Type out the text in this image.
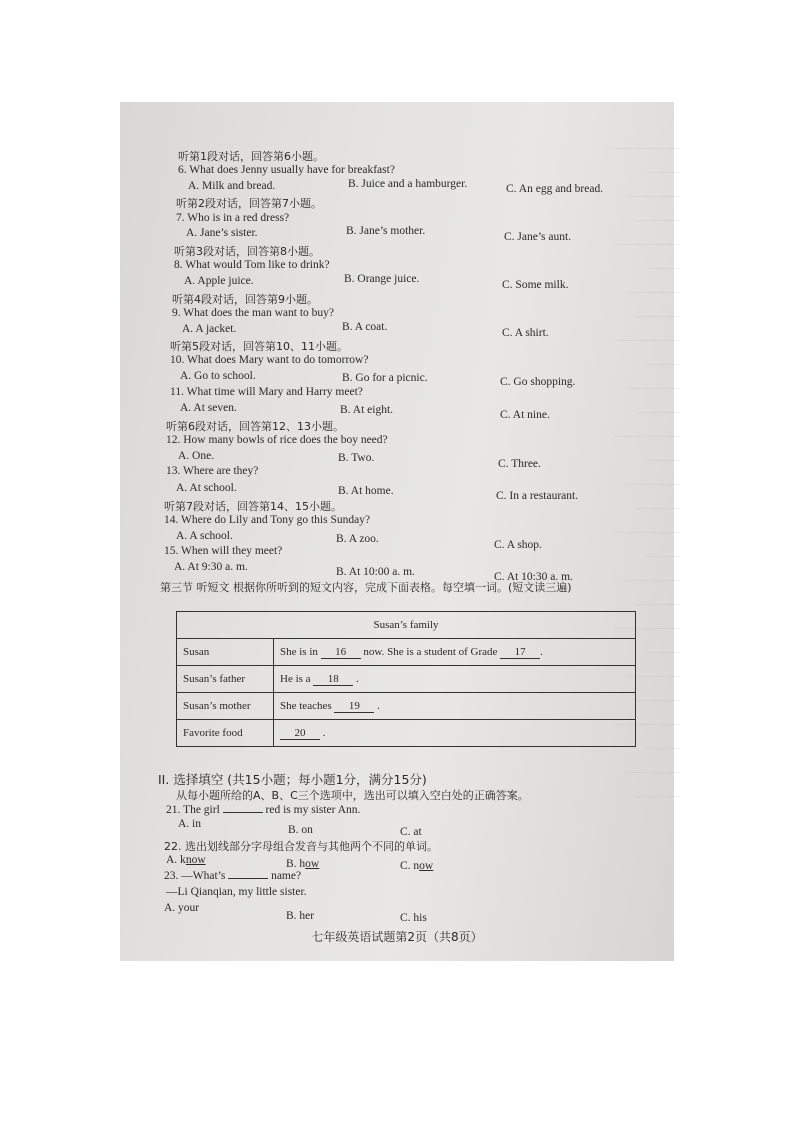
____________
______
__________
________
____________
______
__________
________
____________
______
__________
________
____________
______
__________
________
____________
______
__________
________
____________
______
__________
________
____________
______
__________
________
听第1段对话，回答第6小题。
听第2段对话，回答第7小题。
听第3段对话，回答第8小题。
听第4段对话，回答第9小题。
听第5段对话，回答第10、11小题。
听第6段对话，回答第12、13小题。
听第7段对话，回答第14、15小题。
6. What does Jenny usually have for breakfast?
A. Milk and bread.	B. Juice and a hamburger.	C. An egg and bread.
7. Who is in a red dress?
A. Jane’s sister.	B. Jane’s mother.	C. Jane’s aunt.
8. What would Tom like to drink?
A. Apple juice.	B. Orange juice.	C. Some milk.
9. What does the man want to buy?
A. A jacket.	B. A coat.	C. A shirt.
10. What does Mary want to do tomorrow?
A. Go to school.	B. Go for a picnic.	C. Go shopping.
11. What time will Mary and Harry meet?
A. At seven.	B. At eight.	C. At nine.
12. How many bowls of rice does the boy need?
A. One.	B. Two.	C. Three.
13. Where are they?
A. At school.	B. At home.	C. In a restaurant.
14. Where do Lily and Tony go this Sunday?
A. A school.	B. A zoo.	C. A shop.
15. When will they meet?
A. At 9:30 a. m.	B. At 10:00 a. m.	C. At 10:30 a. m.
第三节 听短文 根据你所听到的短文内容，完成下面表格。每空填一词。(短文读三遍)
Susan’s family	
Susan	She is in 16 now. She is a student of Grade 17 .
Susan’s father	He is a 18 .
Susan’s mother	She teaches 19 .
Favorite food	20 .
II. 选择填空 (共15小题；每小题1分，满分15分)
从每小题所给的A、B、C三个选项中，选出可以填入空白处的正确答案。
21. The girl	red is my sister Ann.
A. in	B. on	C. at
22. 选出划线部分字母组合发音与其他两个不同的单词。
A. know	B. how	C. now
23. —What’s	name?
—Li Qianqian, my little sister.
A. your
B. her	C. his
七年级英语试题第2页（共8页）
